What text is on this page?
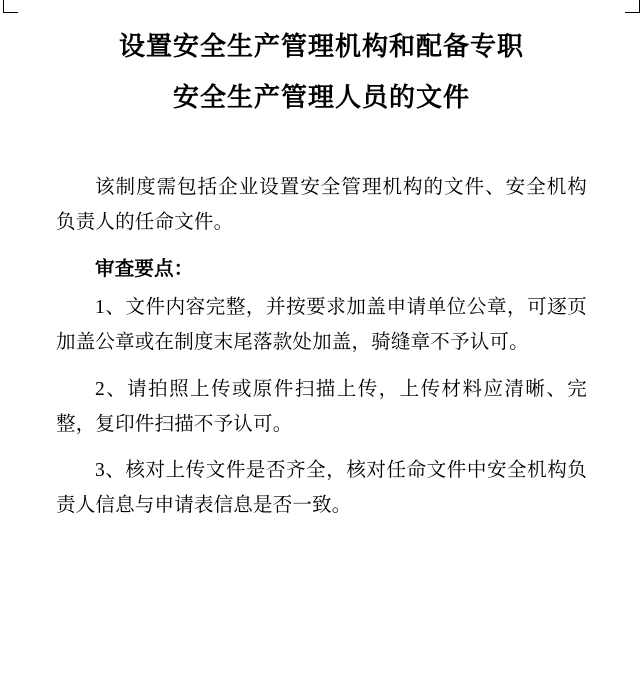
设置安全生产管理机构和配备专职
安全生产管理人员的文件

该制度需包括企业设置安全管理机构的文件、安全机构负责人的任命文件。

审查要点：

1、文件内容完整，并按要求加盖申请单位公章，可逐页加盖公章或在制度末尾落款处加盖，骑缝章不予认可。

2、请拍照上传或原件扫描上传，上传材料应清晰、完整，复印件扫描不予认可。

3、核对上传文件是否齐全，核对任命文件中安全机构负责人信息与申请表信息是否一致。
